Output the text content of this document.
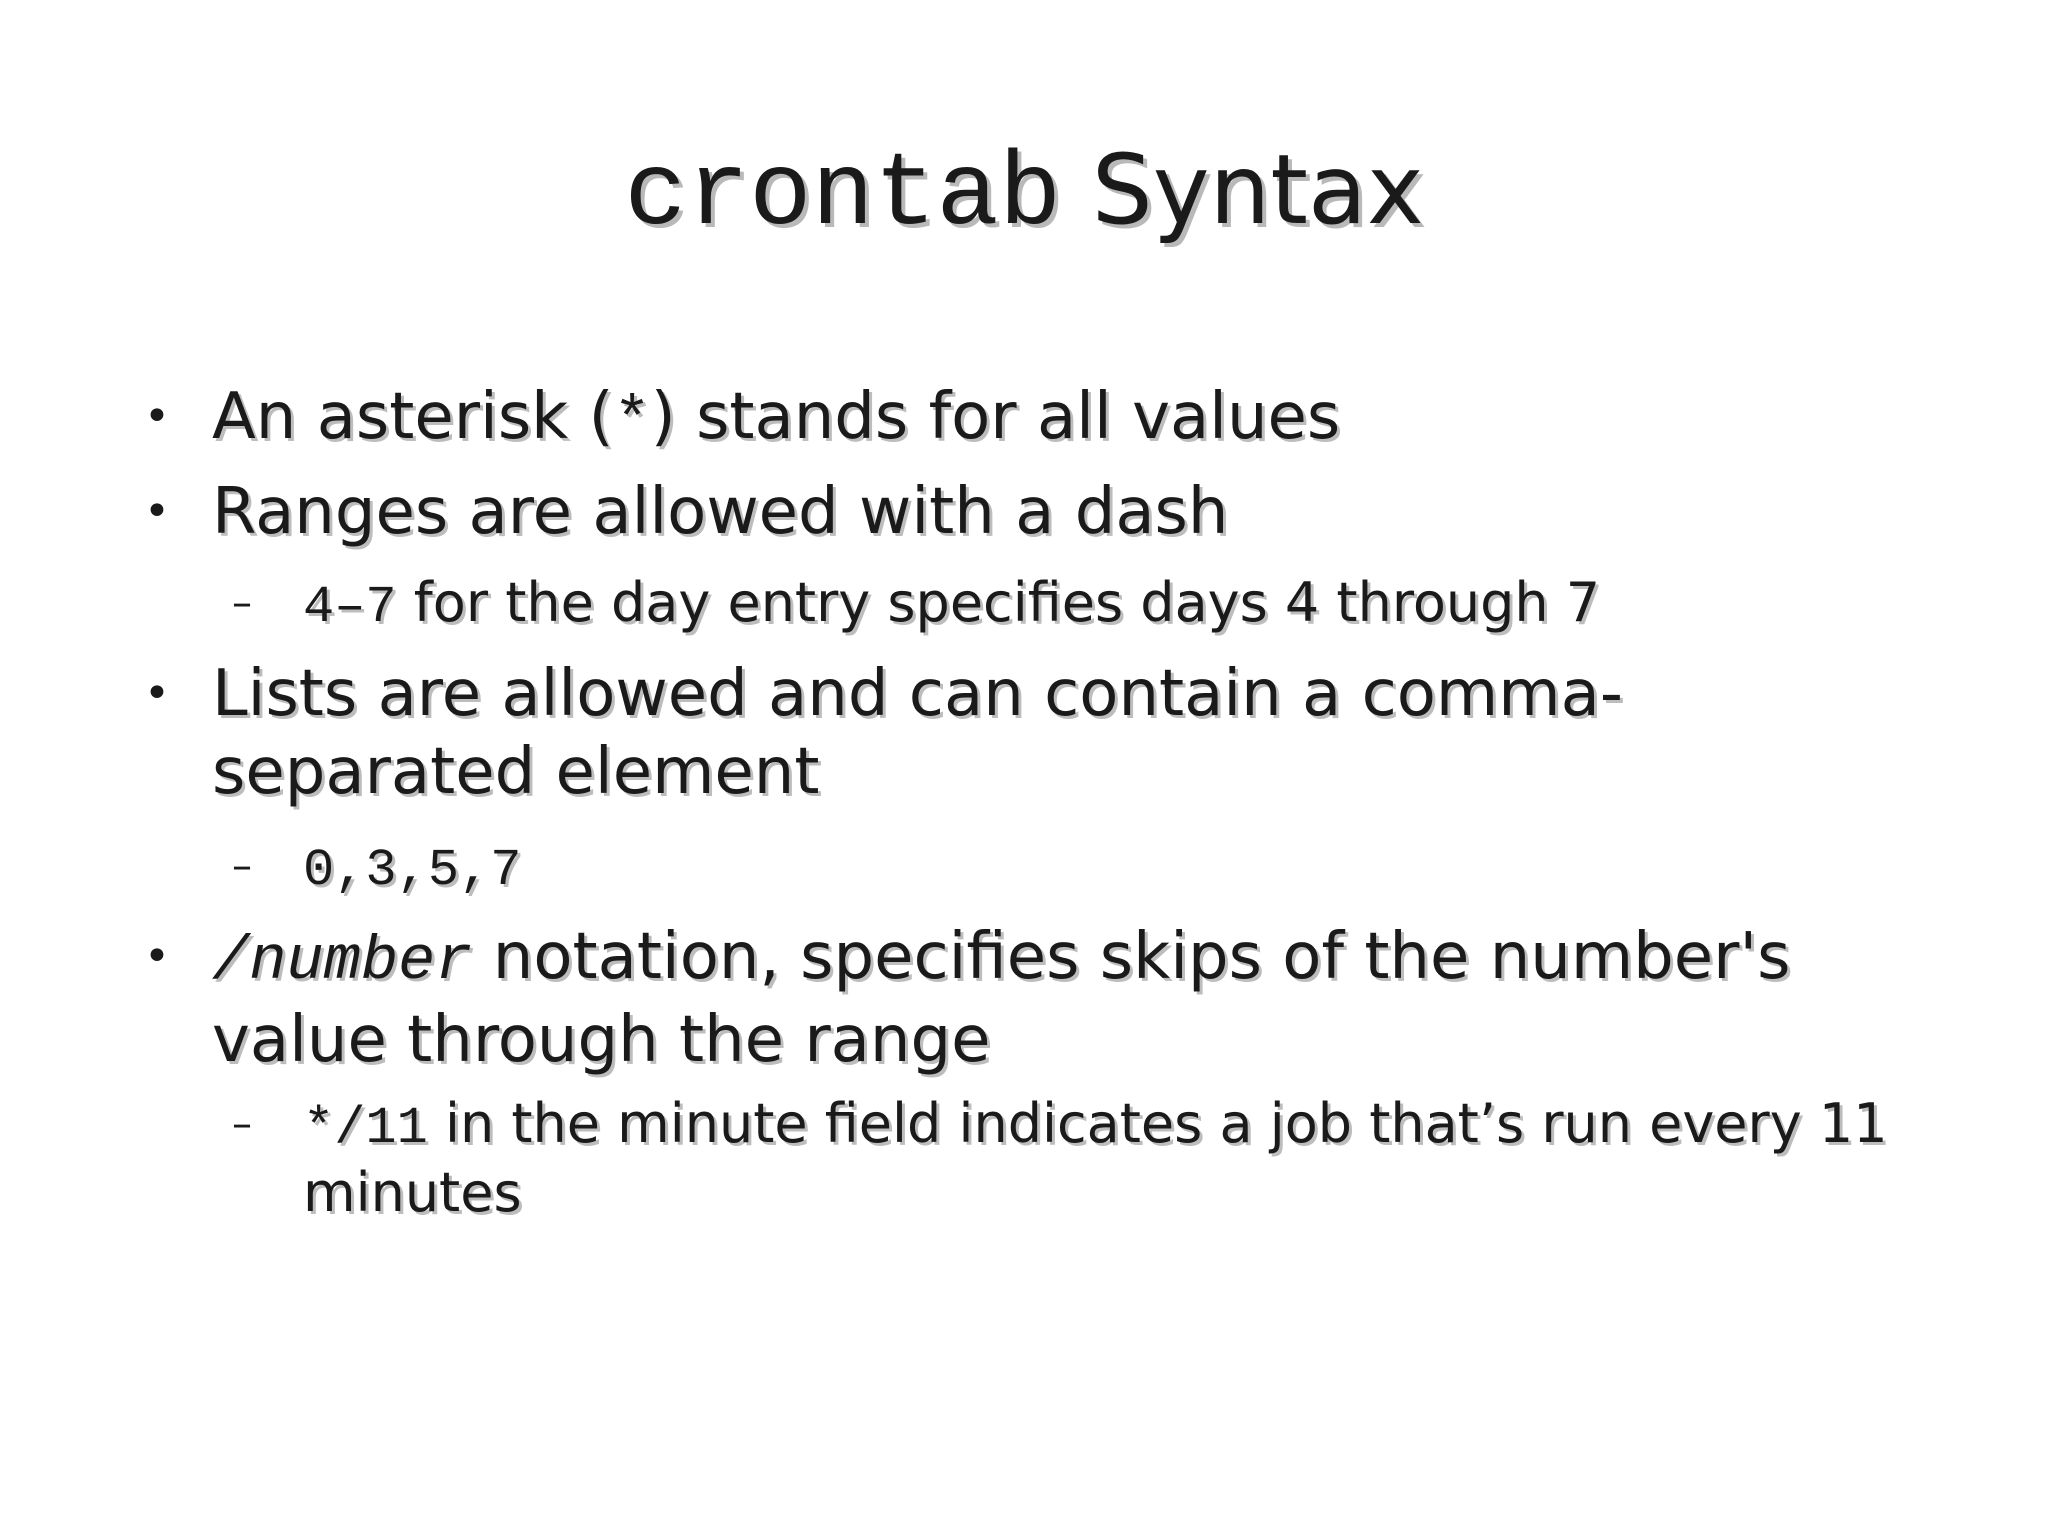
crontab Syntax
• An asterisk (*) stands for all values
• Ranges are allowed with a dash
– 4–7 for the day entry specifies days 4 through 7
• Lists are allowed and can contain a comma-separated element
– 0,3,5,7
• /number notation, specifies skips of the number's value through the range
– */11 in the minute field indicates a job that’s run every 11 minutes
